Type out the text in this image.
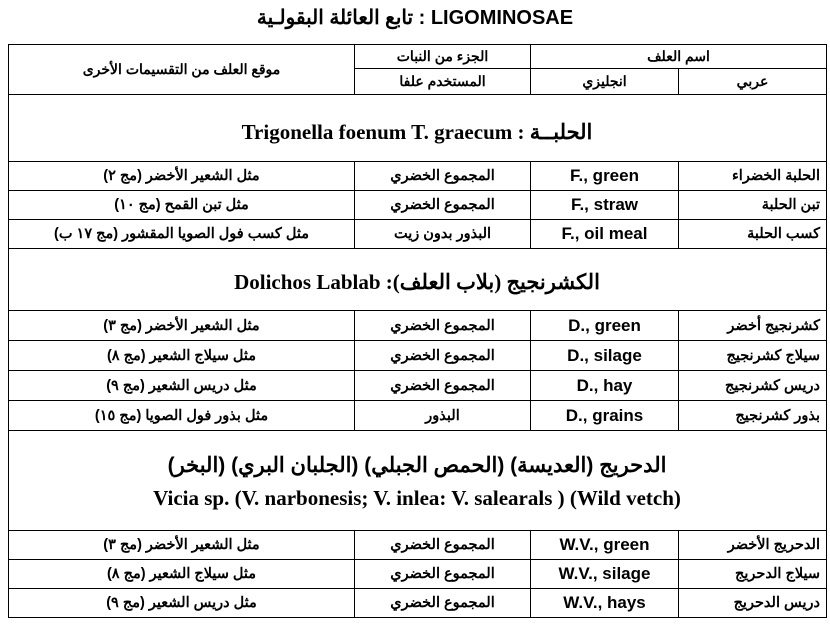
تابع العائلة البقولـية : LIGOMINOSAE
موقع العلف من التقسيمات الأخرى	الجزء من النبات	اسم العلف	
	المستخدم علفا	انجليزي	عربي
Trigonella foenum T. graecum : الحلبــة
مثل الشعير الأخضر (مج ٢)	المجموع الخضري	F., green	الحلبة الخضراء
مثل تبن القمح (مج ١٠)	المجموع الخضري	F., straw	تبن الحلبة
مثل كسب فول الصويا المقشور (مج ١٧ ب)	البذور بدون زيت	F., oil meal	كسب الحلبة
Dolichos Lablab :(الكشرنجيج (بلاب العلف
مثل الشعير الأخضر (مج ٣)	المجموع الخضري	D., green	كشرنجيج أخضر
مثل سيلاج الشعير (مج ٨)	المجموع الخضري	D., silage	سيلاج كشرنجيج
مثل دريس الشعير (مج ٩)	المجموع الخضري	D., hay	دريس كشرنجيج
مثل بذور فول الصويا (مج ١٥)	البذور	D., grains	بذور كشرنجيج
الدحريج (العديسة) (الحمص الجبلي) (الجلبان البري) (البخر)
Vicia sp. (V. narbonesis; V. inlea: V. salearals ) (Wild vetch)
مثل الشعير الأخضر (مج ٣)	المجموع الخضري	W.V., green	الدحريج الأخضر
مثل سيلاج الشعير (مج ٨)	المجموع الخضري	W.V., silage	سيلاج الدحريج
مثل دريس الشعير (مج ٩)	المجموع الخضري	W.V., hays	دريس الدحريج
